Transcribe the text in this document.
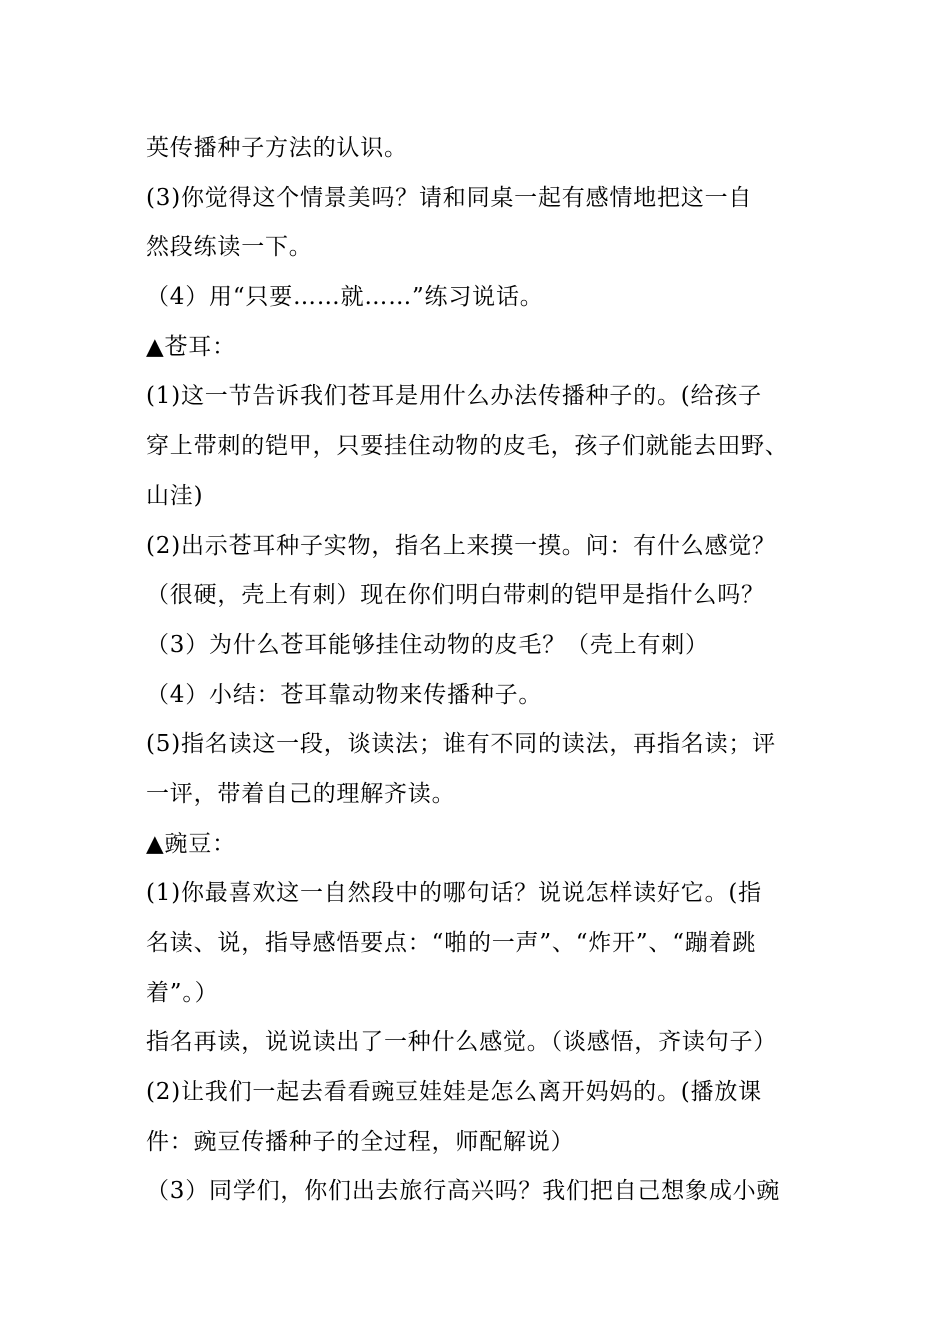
英传播种子方法的认识。
(3)你觉得这个情景美吗？请和同桌一起有感情地把这一自
然段练读一下。
（4）用“只要……就……”练习说话。
▲苍耳：
(1)这一节告诉我们苍耳是用什么办法传播种子的。(给孩子
穿上带刺的铠甲，只要挂住动物的皮毛，孩子们就能去田野、
山洼)
(2)出示苍耳种子实物，指名上来摸一摸。问：有什么感觉？
（很硬，壳上有刺）现在你们明白带刺的铠甲是指什么吗？
（3）为什么苍耳能够挂住动物的皮毛？（壳上有刺）
（4）小结：苍耳靠动物来传播种子。
(5)指名读这一段，谈读法；谁有不同的读法，再指名读；评
一评，带着自己的理解齐读。
▲豌豆：
(1)你最喜欢这一自然段中的哪句话？说说怎样读好它。(指
名读、说，指导感悟要点：“啪的一声”、“炸开”、“蹦着跳
着”。）
指名再读，说说读出了一种什么感觉。（谈感悟，齐读句子）
(2)让我们一起去看看豌豆娃娃是怎么离开妈妈的。(播放课
件：豌豆传播种子的全过程，师配解说）
（3）同学们，你们出去旅行高兴吗？我们把自己想象成小豌
